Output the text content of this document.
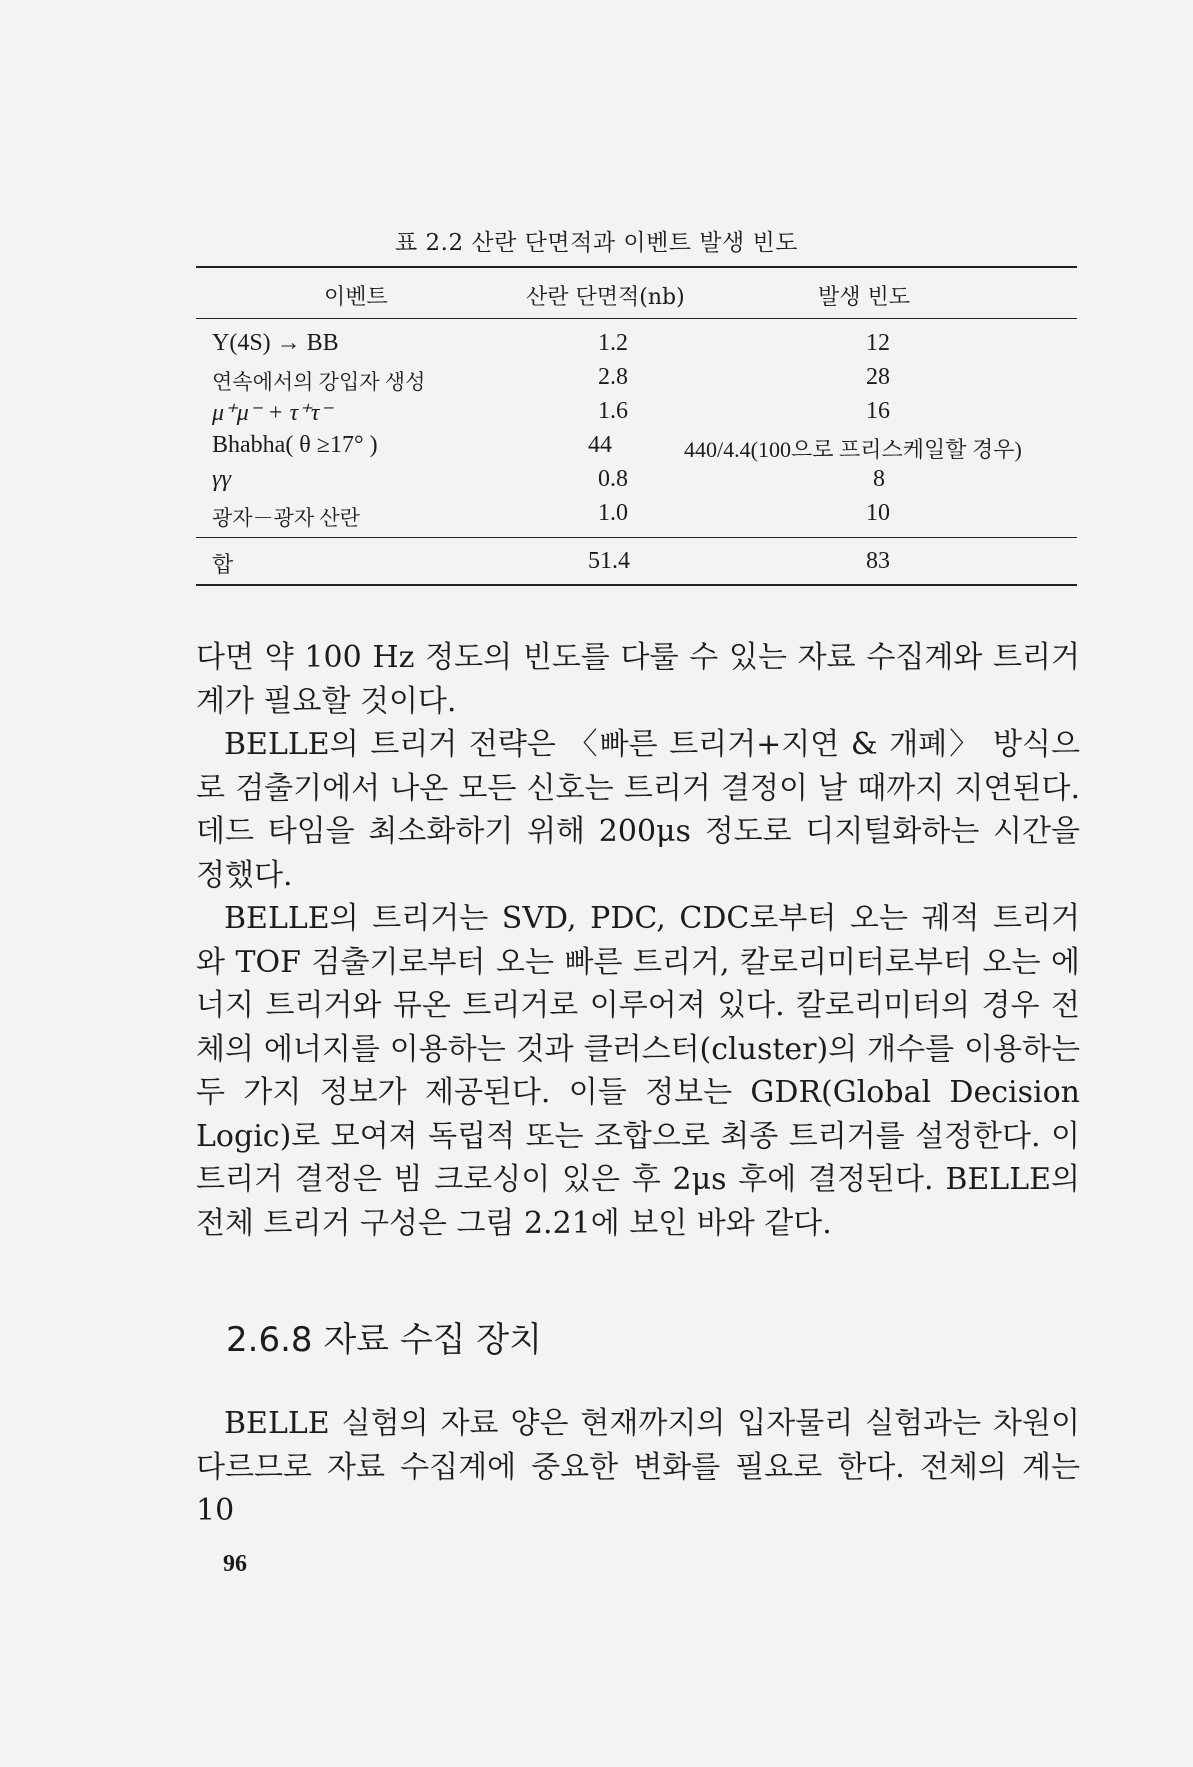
표 2.2 산란 단면적과 이벤트 발생 빈도
이벤트	산란 단면적(nb)	발생 빈도
Υ(4S) → BB	1.2	12
연속에서의 강입자 생성	2.8	28
μ⁺μ⁻ + τ⁺τ⁻	1.6	16
Bhabha( θ ≥17° )	44	440/4.4(100으로 프리스케일할 경우)
γγ	0.8	8
광자－광자 산란	1.0	10
합	51.4	83

다면 약 100 Hz 정도의 빈도를 다룰 수 있는 자료 수집계와 트리거계가 필요할 것이다.

BELLE의 트리거 전략은 〈빠른 트리거+지연 & 개폐〉 방식으로 검출기에서 나온 모든 신호는 트리거 결정이 날 때까지 지연된다. 데드 타임을 최소화하기 위해 200μs 정도로 디지털화하는 시간을 정했다.

BELLE의 트리거는 SVD, PDC, CDC로부터 오는 궤적 트리거와 TOF 검출기로부터 오는 빠른 트리거, 칼로리미터로부터 오는 에너지 트리거와 뮤온 트리거로 이루어져 있다. 칼로리미터의 경우 전체의 에너지를 이용하는 것과 클러스터(cluster)의 개수를 이용하는 두 가지 정보가 제공된다. 이들 정보는 GDR(Global Decision Logic)로 모여져 독립적 또는 조합으로 최종 트리거를 설정한다. 이 트리거 결정은 빔 크로싱이 있은 후 2μs 후에 결정된다. BELLE의 전체 트리거 구성은 그림 2.21에 보인 바와 같다.

2.6.8 자료 수집 장치

BELLE 실험의 자료 양은 현재까지의 입자물리 실험과는 차원이 다르므로 자료 수집계에 중요한 변화를 필요로 한다. 전체의 계는 10

96
